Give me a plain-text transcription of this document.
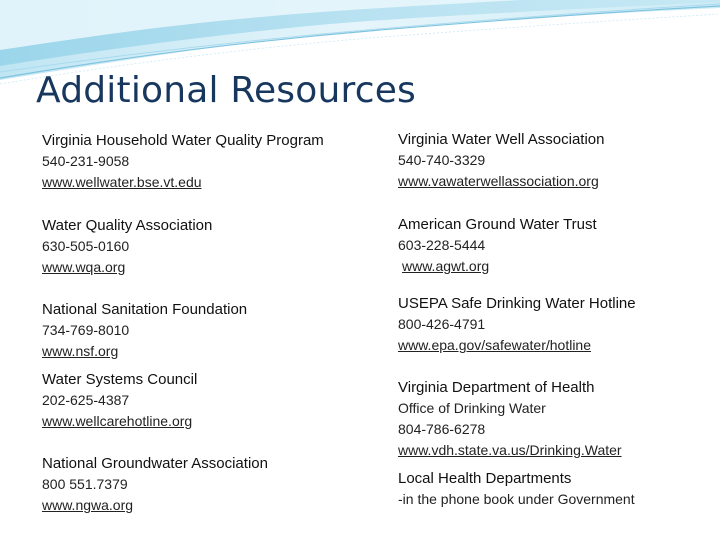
Additional Resources
Virginia Household Water Quality Program
540-231-9058
www.wellwater.bse.vt.edu
Water Quality Association
630-505-0160
www.wqa.org
National Sanitation Foundation
734-769-8010
www.nsf.org
Water Systems Council
202-625-4387
www.wellcarehotline.org
National Groundwater Association
800 551.7379
www.ngwa.org
Virginia Water Well Association
540-740-3329
www.vawaterwellassociation.org
American Ground Water Trust
603-228-5444
www.agwt.org
USEPA Safe Drinking Water Hotline
800-426-4791
www.epa.gov/safewater/hotline
Virginia Department of Health
Office of Drinking Water
804-786-6278
www.vdh.state.va.us/Drinking.Water
Local Health Departments
-in the phone book under Government
